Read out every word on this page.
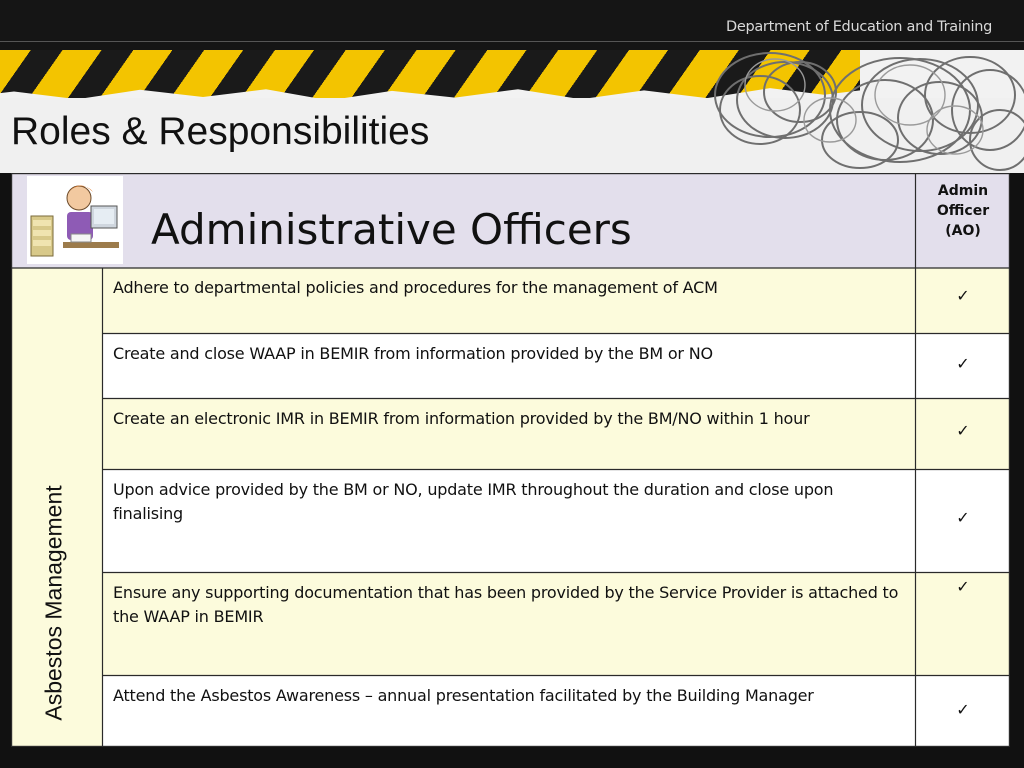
Department of Education and Training
Roles & Responsibilities
Administrative Officers
Admin
Officer
(AO)
Asbestos Management
Adhere to departmental policies and procedures for the management of ACM	✓
Create and close WAAP in BEMIR from information provided by the BM or NO
✓
Create an electronic IMR in BEMIR from information provided by the BM/NO within 1 hour
✓
Upon advice provided by the BM or NO, update IMR throughout the duration and close upon finalising	✓
Ensure any supporting documentation that has been provided by the Service Provider is attached to the WAAP in BEMIR
✓
Attend the Asbestos Awareness – annual presentation facilitated by the Building Manager
✓
